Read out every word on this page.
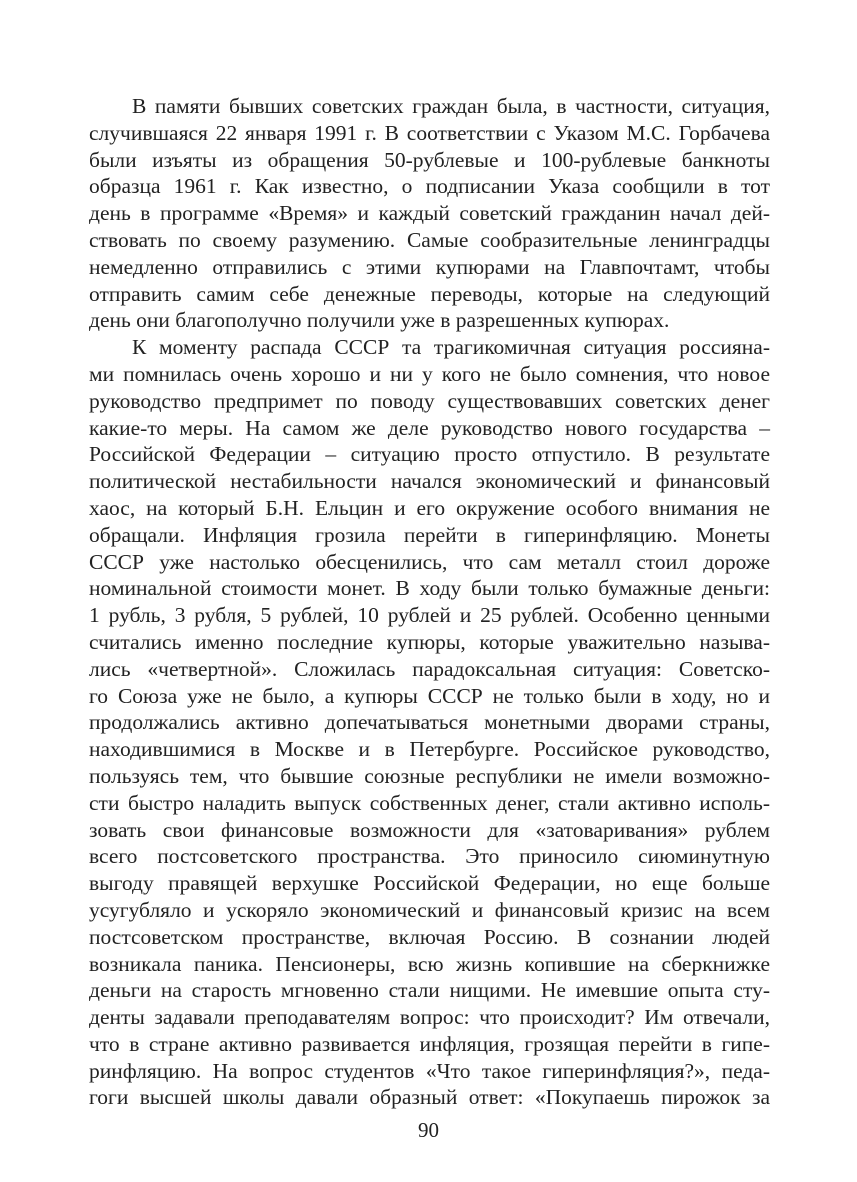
В памяти бывших советских граждан была, в частности, ситуация,
случившаяся 22 января 1991 г. В соответствии с Указом М.С. Горбачева
были изъяты из обращения 50-рублевые и 100-рублевые банкноты
образца 1961 г. Как известно, о подписании Указа сообщили в тот
день в программе «Время» и каждый советский гражданин начал дей-
ствовать по своему разумению. Самые сообразительные ленинградцы
немедленно отправились с этими купюрами на Главпочтамт, чтобы
отправить самим себе денежные переводы, которые на следующий
день они благополучно получили уже в разрешенных купюрах.
К моменту распада СССР та трагикомичная ситуация россияна-
ми помнилась очень хорошо и ни у кого не было сомнения, что новое
руководство предпримет по поводу существовавших советских денег
какие-то меры. На самом же деле руководство нового государства –
Российской Федерации – ситуацию просто отпустило. В результате
политической нестабильности начался экономический и финансовый
хаос, на который Б.Н. Ельцин и его окружение особого внимания не
обращали. Инфляция грозила перейти в гиперинфляцию. Монеты
СССР уже настолько обесценились, что сам металл стоил дороже
номинальной стоимости монет. В ходу были только бумажные деньги:
1 рубль, 3 рубля, 5 рублей, 10 рублей и 25 рублей. Особенно ценными
считались именно последние купюры, которые уважительно называ-
лись «четвертной». Сложилась парадоксальная ситуация: Советско-
го Союза уже не было, а купюры СССР не только были в ходу, но и
продолжались активно допечатываться монетными дворами страны,
находившимися в Москве и в Петербурге. Российское руководство,
пользуясь тем, что бывшие союзные республики не имели возможно-
сти быстро наладить выпуск собственных денег, стали активно исполь-
зовать свои финансовые возможности для «затоваривания» рублем
всего постсоветского пространства. Это приносило сиюминутную
выгоду правящей верхушке Российской Федерации, но еще больше
усугубляло и ускоряло экономический и финансовый кризис на всем
постсоветском пространстве, включая Россию. В сознании людей
возникала паника. Пенсионеры, всю жизнь копившие на сберкнижке
деньги на старость мгновенно стали нищими. Не имевшие опыта сту-
денты задавали преподавателям вопрос: что происходит? Им отвечали,
что в стране активно развивается инфляция, грозящая перейти в гипе-
ринфляцию. На вопрос студентов «Что такое гиперинфляция?», педа-
гоги высшей школы давали образный ответ: «Покупаешь пирожок за
90
